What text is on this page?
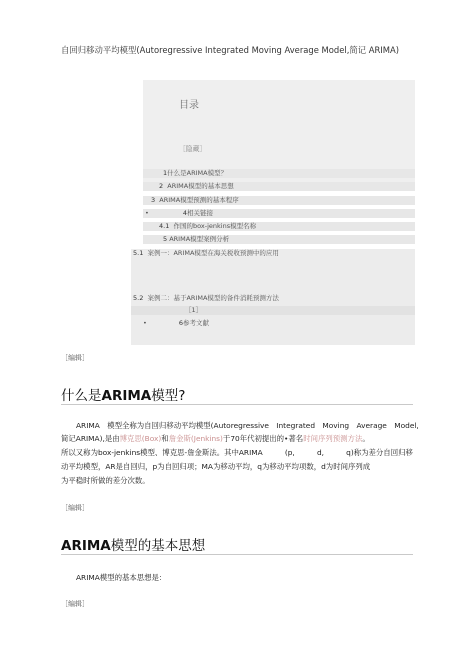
自回归移动平均模型(Autoregressive Integrated Moving Average Model,简记 ARIMA)
目录
［隐藏］
1什么是ARIMA模型？
2 ARIMA模型的基本思想
3 ARIMA模型预测的基本程序
•	4相关链接
4.1 作国的box-jenkins模型名称
5 ARIMA模型案例分析
5.1 案例一：ARIMA模型在海关税收预测中的应用
5.2 案例二：基于ARIMA模型的备件消耗预测方法
［1］
•	6参考文献
［编辑］
什么是ARIMA模型?
ARIMA　模型全称为自回归移动平均模型(Autoregressive　Integrated　Moving　Average　Model,
简记ARIMA),是由博克思(Box)和詹金斯(Jenkins)于70年代初提出的•著名时间序列预测方法。
所以又称为box-jenkins模型、博克思-詹金斯法。其中ARIMA　　　(p,　　　d,　　　q)称为差分自回归移
动平均模型，AR是自回归，p为自回归项；MA为移动平均，q为移动平均项数，d为时间序列成
为平稳时所做的差分次数。
［编辑］
ARIMA模型的基本思想
ARIMA模型的基本思想是：
［编辑］
